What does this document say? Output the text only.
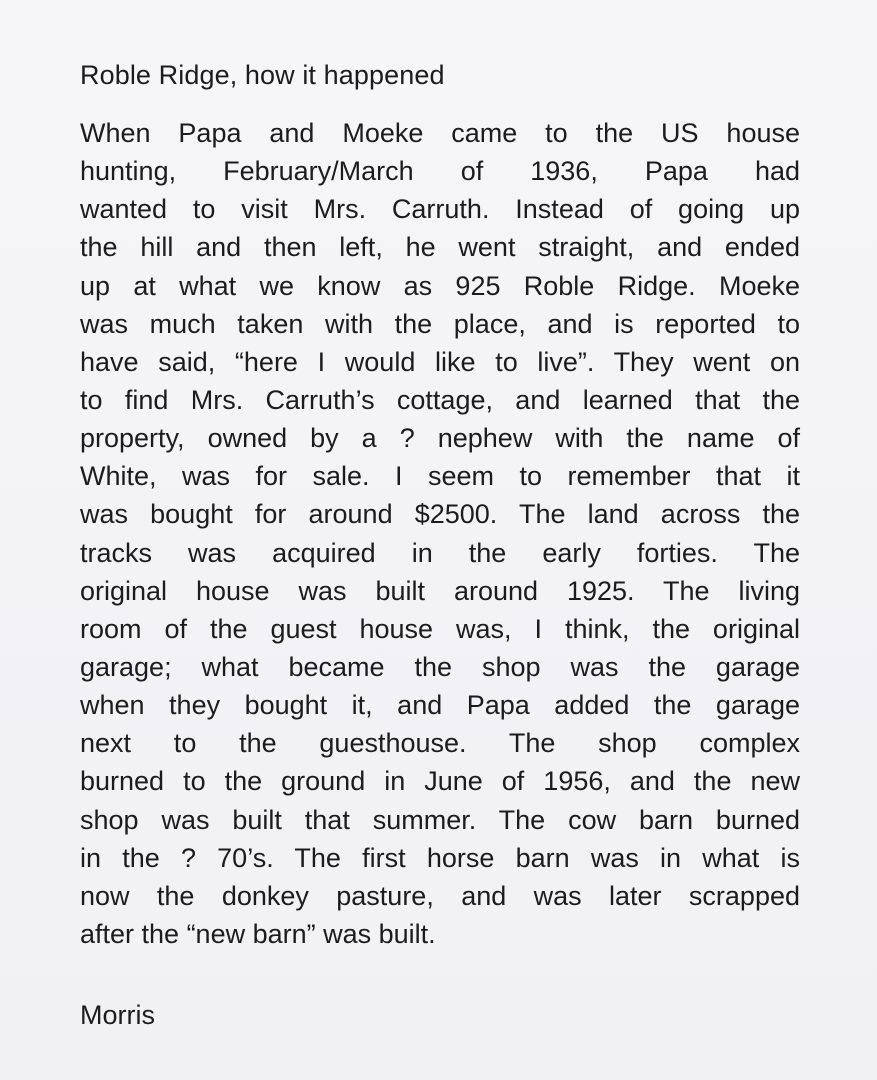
Roble Ridge, how it happened
When Papa and Moeke came to the US house
hunting, February/March of 1936, Papa had
wanted to visit Mrs. Carruth. Instead of going up
the hill and then left, he went straight, and ended
up at what we know as 925 Roble Ridge. Moeke
was much taken with the place, and is reported to
have said, “here I would like to live”. They went on
to find Mrs. Carruth’s cottage, and learned that the
property, owned by a ? nephew with the name of
White, was for sale. I seem to remember that it
was bought for around $2500. The land across the
tracks was acquired in the early forties. The
original house was built around 1925. The living
room of the guest house was, I think, the original
garage; what became the shop was the garage
when they bought it, and Papa added the garage
next to the guesthouse. The shop complex
burned to the ground in June of 1956, and the new
shop was built that summer. The cow barn burned
in the ? 70’s. The first horse barn was in what is
now the donkey pasture, and was later scrapped
after the “new barn” was built.
Morris
